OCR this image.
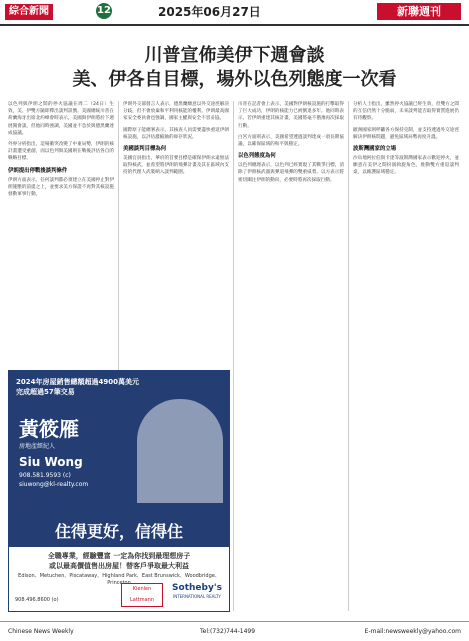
綜合新聞	12	2025年06月27日	新聯週刊
川普宣佈美伊下週會談
美、伊各自目標，場外以色列態度一次看

以色列與伊朗之間的停火協議在周二（24日）生效，美、伊雙方隨即釋出談判訊號。美國總統川普在荷蘭海牙出席北約峰會時表示，美國與伊朗將於下週展開會談，但他同時強調，美國並不急於與德黑蘭達成協議。

外界分析指出，這場衝突改變了中東局勢，伊朗的核計畫遭受重創，而以色列與美國則在戰後評估各自的戰略目標。

伊朗提出停戰後談判條件

伊朗方面表示，任何談判都必須建立在美國停止對伊朗施壓的前提之上，並要求美方保證不再對其核設施發動軍事行動。

伊朗外交部發言人表示，德黑蘭願意以外交途徑解決分歧，但不會放棄和平利用核能的權利。伊朗最高國家安全委員會也強調，國家主權與安全不容妥協。

國際原子能總署表示，其核查人員需要盡快重返伊朗核設施，以評估濃縮鈾的庫存狀況。

美國談判目標為何

美國官員指出，華府的首要目標是確保伊朗永遠無法取得核武，並希望將伊朗的飛彈計畫及其在區域內支持的代理人武裝納入談判範圍。

川普在記者會上表示，美國對伊朗核設施的打擊取得了巨大成功，伊朗的核能力已被倒退多年。他同時表示，若伊朗重建其核計畫，美國將毫不猶豫再次採取行動。

白宮方面則表示，美國希望透過談判達成一項長期協議，以確保區域的和平與穩定。

以色列態度為何

以色列總理表示，以色列已經實現了其戰爭目標，消除了伊朗核武器與彈道飛彈的雙重威脅。以方表示將密切關注伊朗的動向，必要時將再次採取行動。

分析人士指出，雖然停火協議已經生效，但雙方之間的互信仍然十分脆弱，未來談判能否取得實質進展仍有待觀察。

歐洲國家則呼籲各方保持克制，並支持透過外交途徑解決伊朗核問題，避免區域局勢再度升溫。

波斯灣國家的立場

沙烏地阿拉伯與卡達等波斯灣國家表示歡迎停火，並願意在美伊之間扮演斡旋角色，推動雙方重返談判桌，以維護區域穩定。

2024年房屋銷售總額超過4900萬美元
完成超過57筆交易
黃筱雁
房地產經紀人
Siu Wong
908.581.9593 (c)
siuwong@kl-realty.com
住得更好，信得住
全職專業，經驗豐富 一定為你找到最理想房子
或以最高價值售出房屋！替客戶爭取最大利益
Edison、Metuchen、Piscataway、Highland Park、East Brunswick、Woodbridge、Princeton
908.496.8600 (o)
Kienlen Lattmann
Sotheby's
INTERNATIONAL REALTY
Chinese News Weekly	Tel:(732)744-1499	E-mail:newsweekly@yahoo.com
